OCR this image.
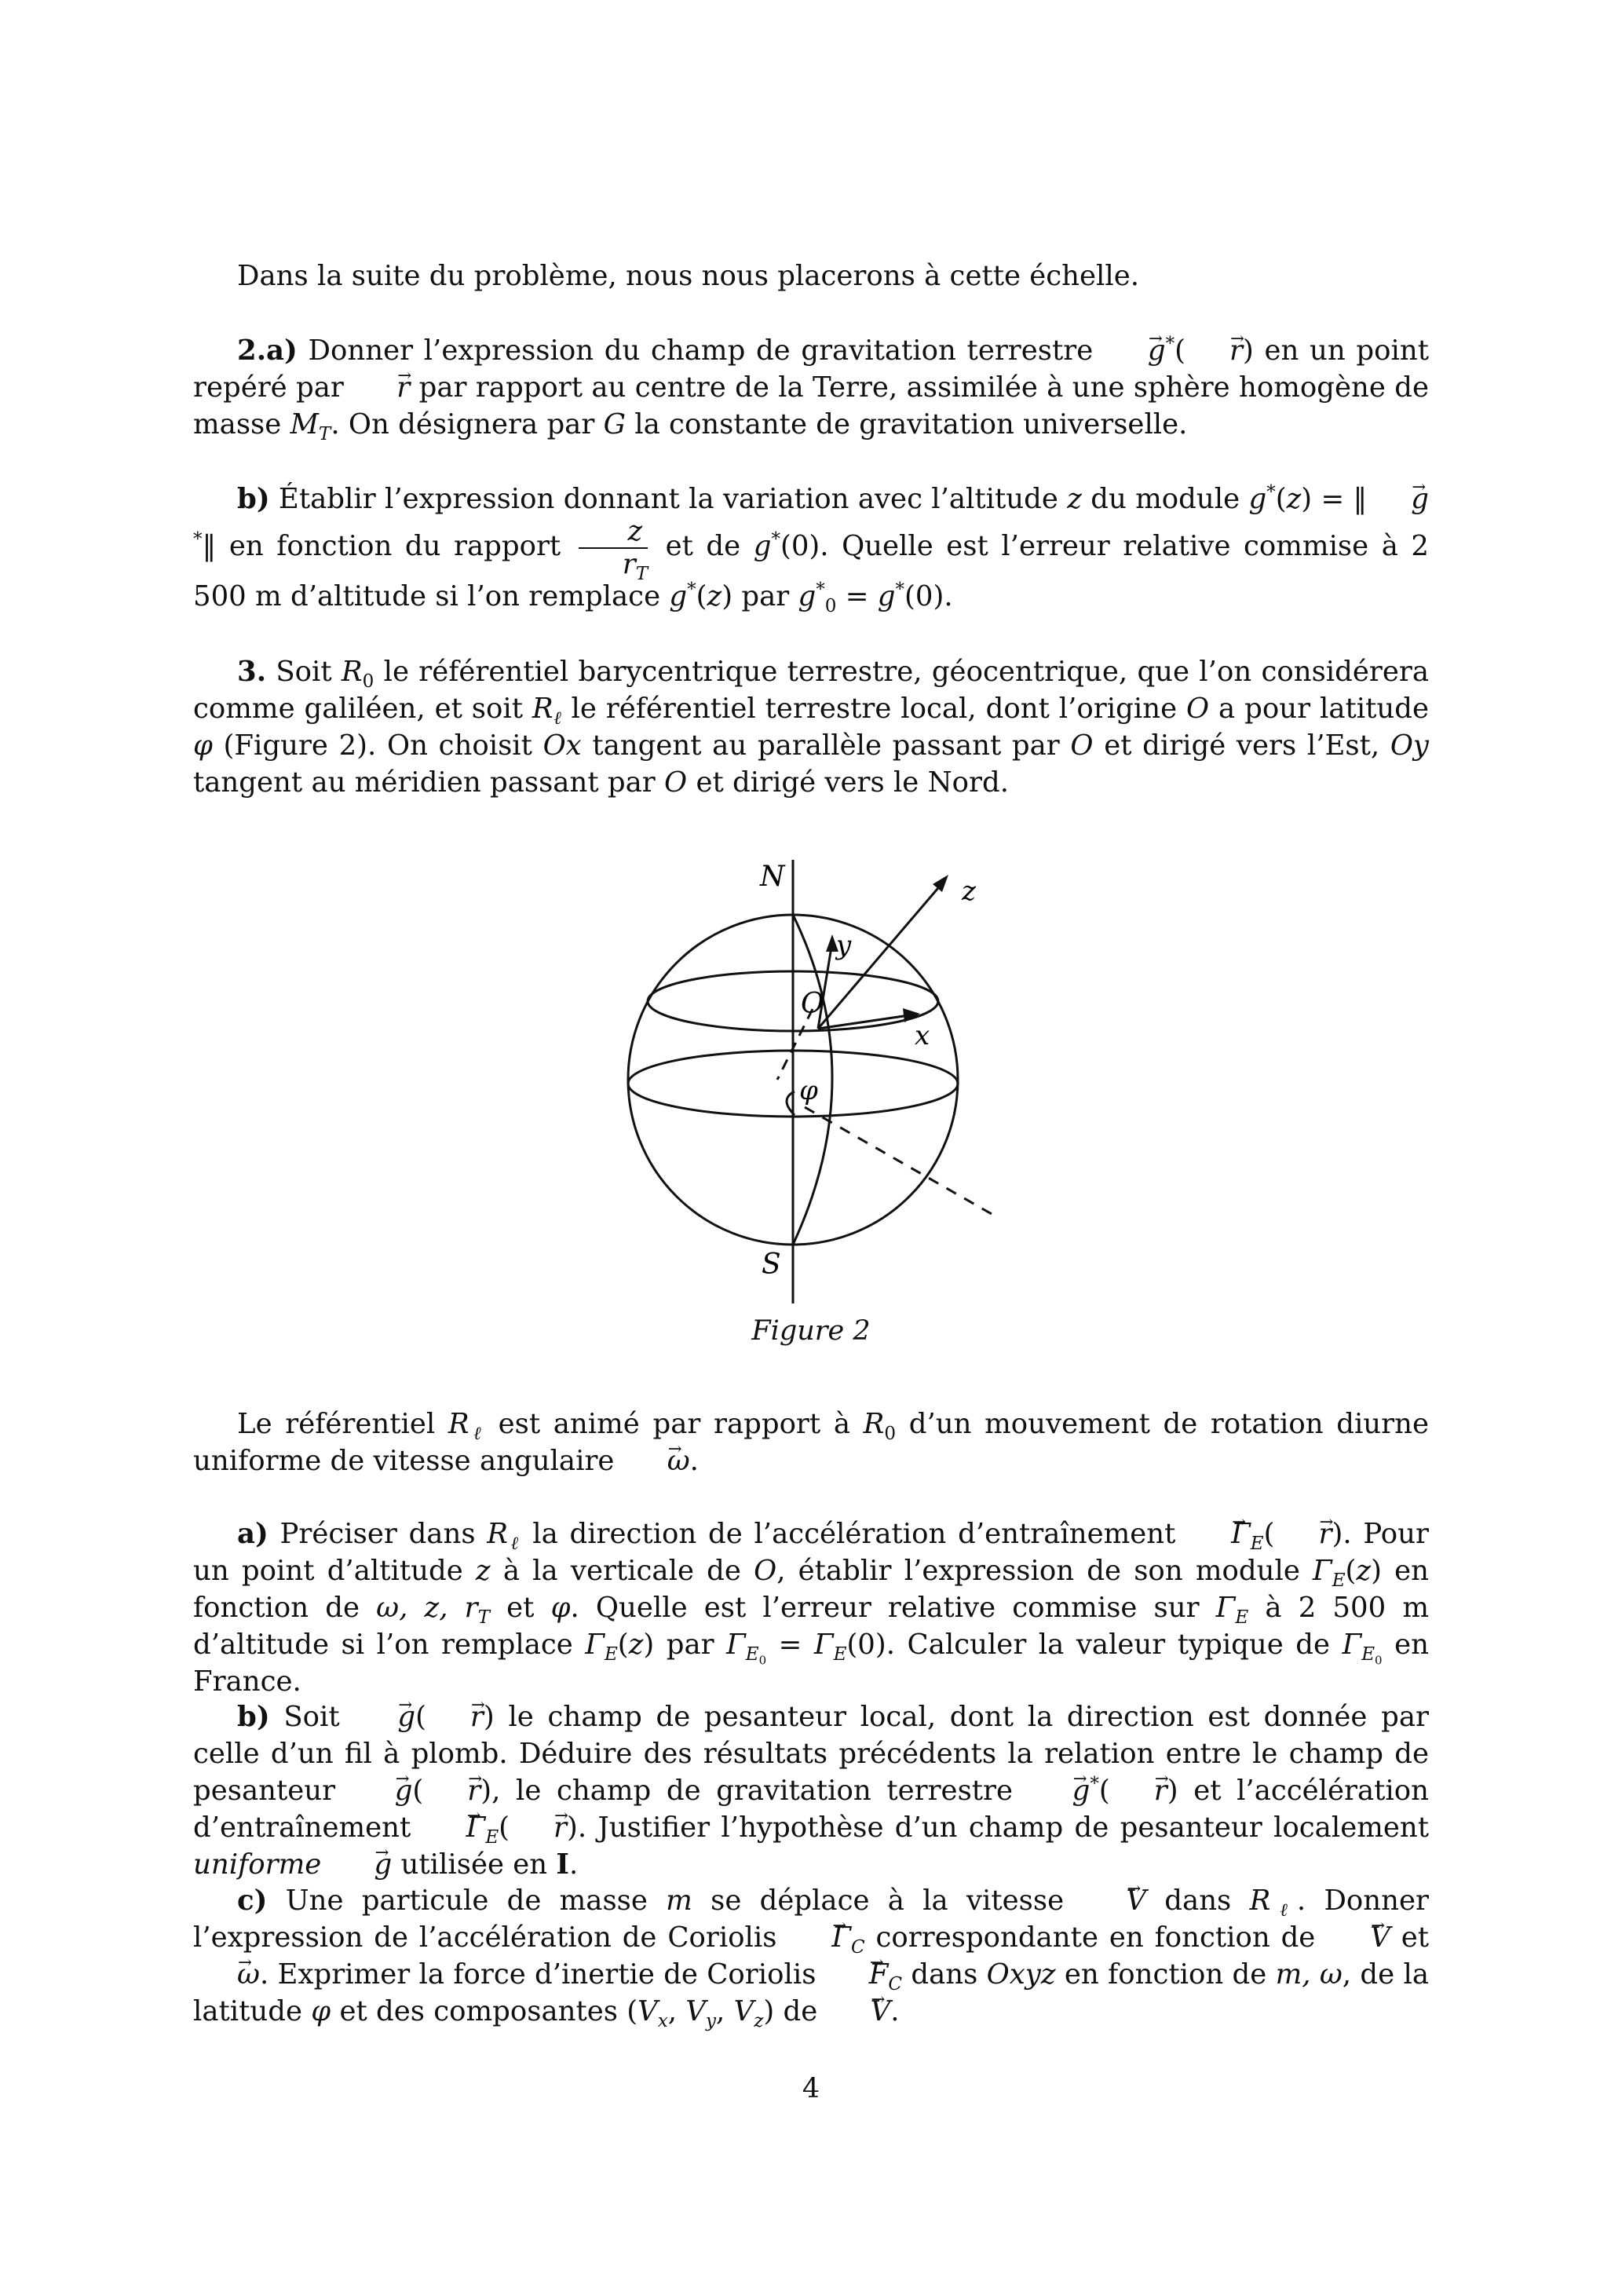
Dans la suite du problème, nous nous placerons à cette échelle.
2.a) Donner l’expression du champ de gravitation terrestre → g*( → r) en un point repéré par → r par rapport au centre de la Terre, assimilée à une sphère homogène de masse $M_T$. On désignera par G la constante de gravitation universelle.
b) Établir l’expression donnant la variation avec l’altitude z du module g*(z) = ‖ → g*‖ en fonction du rapport $\frac{z}{r_T}$ et de g*(0). Quelle est l’erreur relative commise à 2 500 m d’altitude si l’on remplace g*(z) par $g^*_0 = g^*(0)$.
3. Soit $R_0$ le référentiel barycentrique terrestre, géocentrique, que l’on considérera comme galiléen, et soit $R_\ell$ le référentiel terrestre local, dont l’origine O a pour latitude φ (Figure 2). On choisit Ox tangent au parallèle passant par O et dirigé vers l’Est, Oy tangent au méridien passant par O et dirigé vers le Nord.
N
S
O
y
x
z
φ
Figure 2
Le référentiel $R_\ell$ est animé par rapport à $R_0$ d’un mouvement de rotation diurne uniforme de vitesse angulaire → ω.
a) Préciser dans $R_\ell$ la direction de l’accélération d’entraînement → $\Gamma_E( \to r)$. Pour un point d’altitude z à la verticale de O, établir l’expression de son module $\Gamma_E(z)$ en fonction de ω, z, $r_T$ et φ. Quelle est l’erreur relative commise sur $\Gamma_E$ à 2 500 m d’altitude si l’on remplace $\Gamma_E(z)$ par $\Gamma_{E_0} = \Gamma_E(0)$. Calculer la valeur typique de $\Gamma_{E_0}$ en France.
b) Soit → g( → r) le champ de pesanteur local, dont la direction est donnée par celle d’un fil à plomb. Déduire des résultats précédents la relation entre le champ de pesanteur → g( → r), le champ de gravitation terrestre → g*( → r) et l’accélération d’entraînement → $\Gamma_E( \to r)$. Justifier l’hypothèse d’un champ de pesanteur localement uniforme → g utilisée en I.
c) Une particule de masse m se déplace à la vitesse → V dans $R_\ell$. Donner l’expression de l’accélération de Coriolis → $\Gamma_C$ correspondante en fonction de → V et → ω. Exprimer la force d’inertie de Coriolis → $F_C$ dans Oxyz en fonction de m, ω, de la latitude φ et des composantes ($V_x$, $V_y$, $V_z$) de → V.
4
